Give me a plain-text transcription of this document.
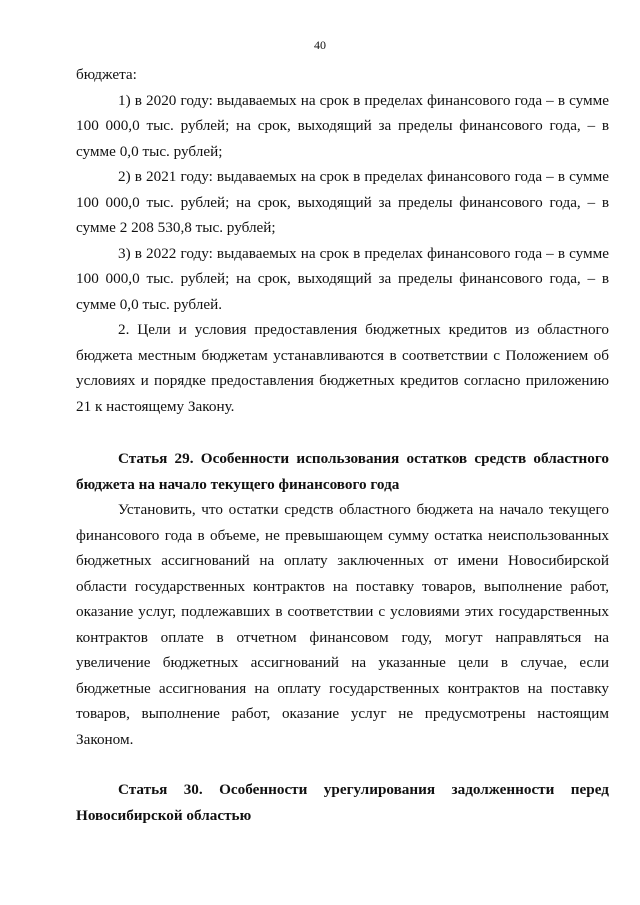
40

бюджета:

1) в 2020 году: выдаваемых на срок в пределах финансового года – в сумме 100 000,0 тыс. рублей; на срок, выходящий за пределы финансового года, – в сумме 0,0 тыс. рублей;

2) в 2021 году: выдаваемых на срок в пределах финансового года – в сумме 100 000,0 тыс. рублей; на срок, выходящий за пределы финансового года, – в сумме 2 208 530,8 тыс. рублей;

3) в 2022 году: выдаваемых на срок в пределах финансового года – в сумме 100 000,0 тыс. рублей; на срок, выходящий за пределы финансового года, – в сумме 0,0 тыс. рублей.

2. Цели и условия предоставления бюджетных кредитов из областного бюджета местным бюджетам устанавливаются в соответствии с Положением об условиях и порядке предоставления бюджетных кредитов согласно приложению 21 к настоящему Закону.

Статья 29. Особенности использования остатков средств областного бюджета на начало текущего финансового года

Установить, что остатки средств областного бюджета на начало текущего финансового года в объеме, не превышающем сумму остатка неиспользованных бюджетных ассигнований на оплату заключенных от имени Новосибирской области государственных контрактов на поставку товаров, выполнение работ, оказание услуг, подлежавших в соответствии с условиями этих государственных контрактов оплате в отчетном финансовом году, могут направляться на увеличение бюджетных ассигнований на указанные цели в случае, если бюджетные ассигнования на оплату государственных контрактов на поставку товаров, выполнение работ, оказание услуг не предусмотрены настоящим Законом.

Статья 30. Особенности урегулирования задолженности перед
Новосибирской областью
